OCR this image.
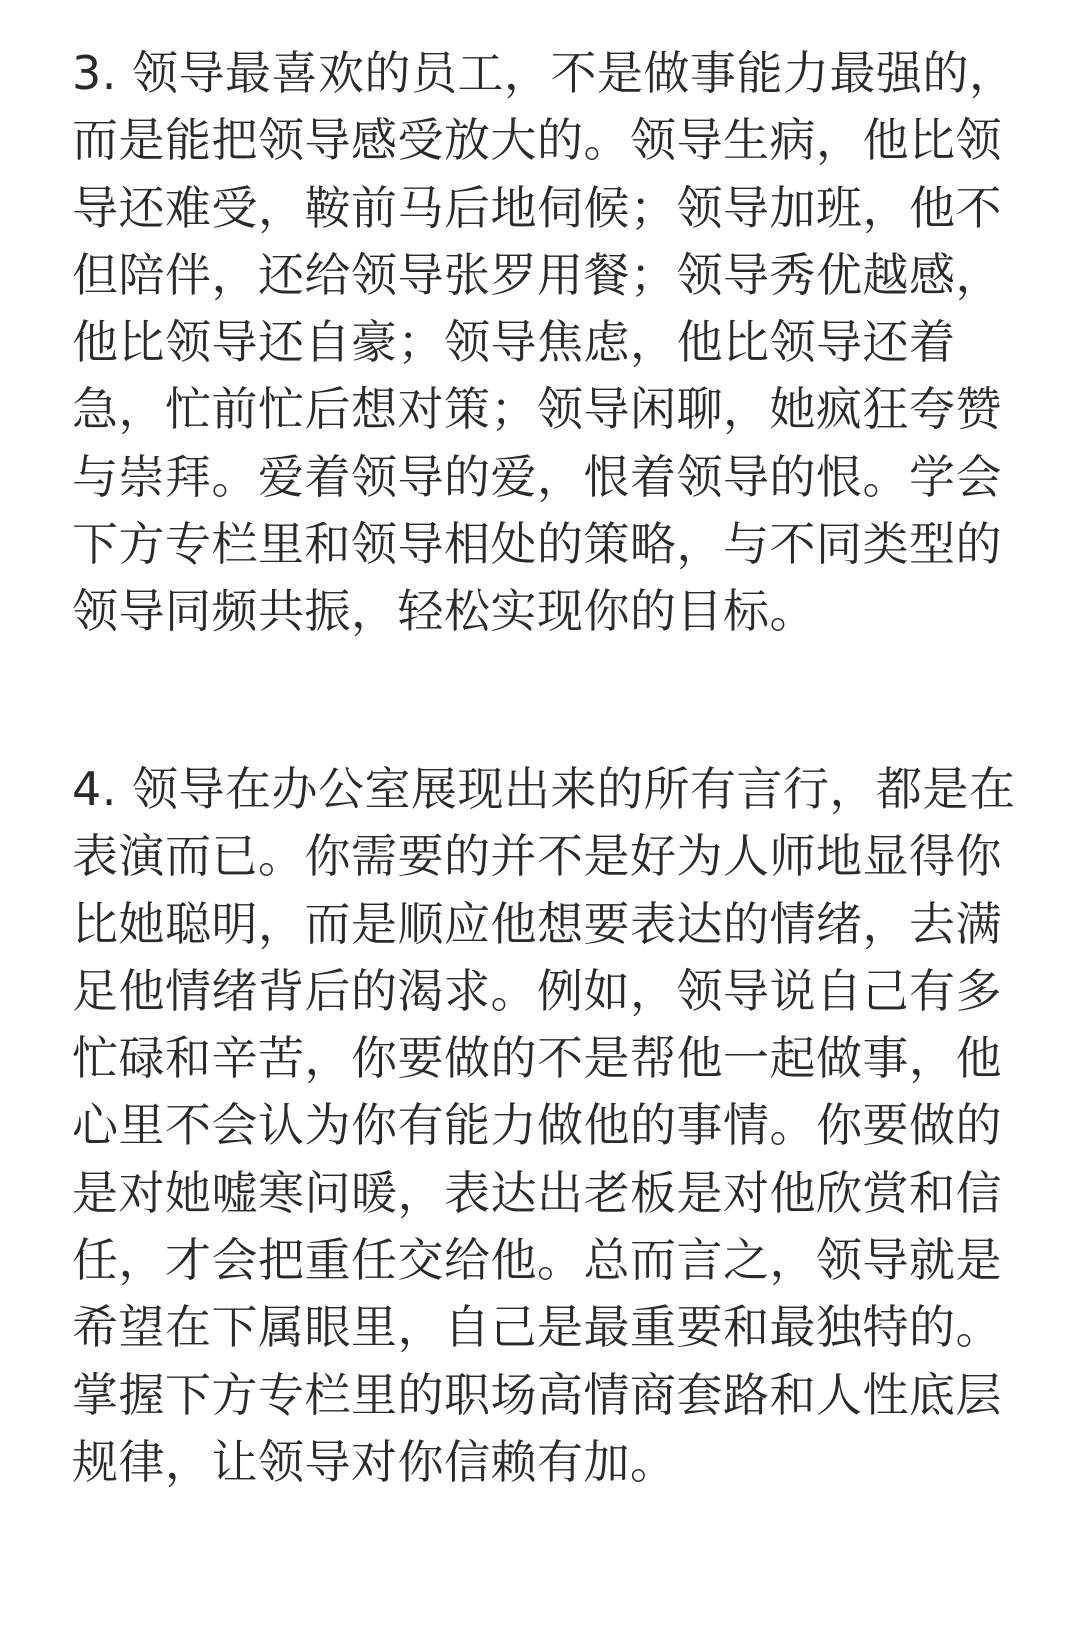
3. 领导最喜欢的员工，不是做事能力最强的，而是能把领导感受放大的。领导生病，他比领导还难受，鞍前马后地伺候；领导加班，他不但陪伴，还给领导张罗用餐；领导秀优越感，他比领导还自豪；领导焦虑，他比领导还着急，忙前忙后想对策；领导闲聊，她疯狂夸赞与崇拜。爱着领导的爱，恨着领导的恨。学会下方专栏里和领导相处的策略，与不同类型的领导同频共振，轻松实现你的目标。

4. 领导在办公室展现出来的所有言行，都是在表演而已。你需要的并不是好为人师地显得你比她聪明，而是顺应他想要表达的情绪，去满足他情绪背后的渴求。例如，领导说自己有多忙碌和辛苦，你要做的不是帮他一起做事，他心里不会认为你有能力做他的事情。你要做的是对她嘘寒问暖，表达出老板是对他欣赏和信任，才会把重任交给他。总而言之，领导就是希望在下属眼里，自己是最重要和最独特的。掌握下方专栏里的职场高情商套路和人性底层规律，让领导对你信赖有加。
